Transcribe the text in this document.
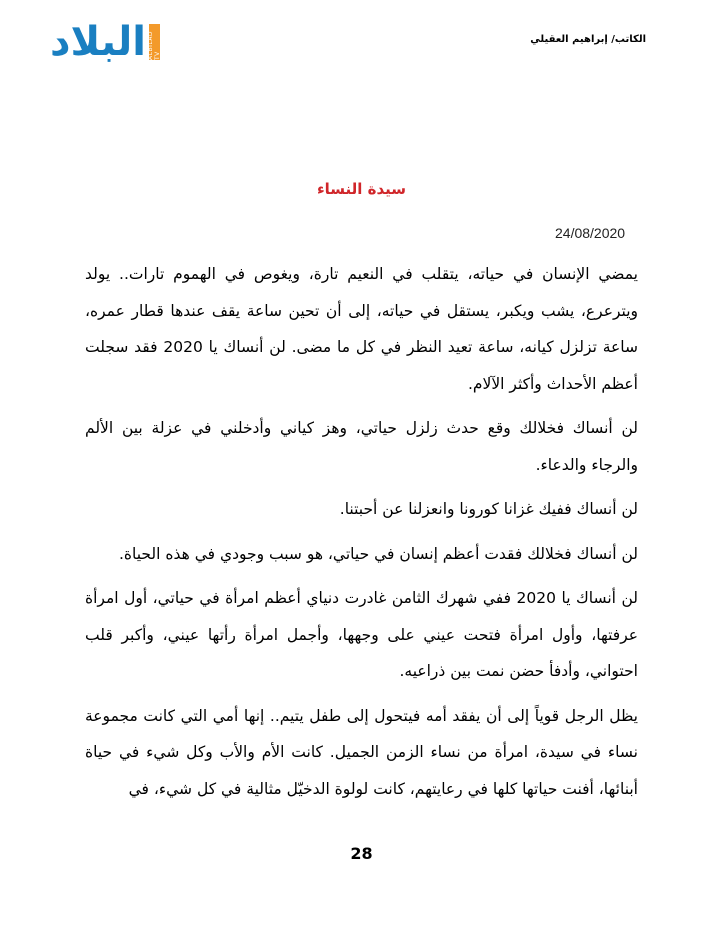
البلاد ALBILAD TV
الكاتب/ إبراهيم العقيلي
سيدة النساء
24/08/2020

يمضي الإنسان في حياته، يتقلب في النعيم تارة، ويغوص في الهموم تارات.. يولد ويترعرع، يشب ويكبر، يستقل في حياته، إلى أن تحين ساعة يقف عندها قطار عمره، ساعة تزلزل كيانه، ساعة تعيد النظر في كل ما مضى. لن أنساك يا 2020 فقد سجلت أعظم الأحداث وأكثر الآلام.

لن أنساك فخلالك وقع حدث زلزل حياتي، وهز كياني وأدخلني في عزلة بين الألم والرجاء والدعاء.

لن أنساك ففيك غزانا كورونا وانعزلنا عن أحبتنا.

لن أنساك فخلالك فقدت أعظم إنسان في حياتي، هو سبب وجودي في هذه الحياة.

لن أنساك يا 2020 ففي شهرك الثامن غادرت دنياي أعظم امرأة في حياتي، أول امرأة عرفتها، وأول امرأة فتحت عيني على وجهها، وأجمل امرأة رأتها عيني، وأكبر قلب احتواني، وأدفأ حضن نمت بين ذراعيه.

يظل الرجل قوياً إلى أن يفقد أمه فيتحول إلى طفل يتيم.. إنها أمي التي كانت مجموعة نساء في سيدة، امرأة من نساء الزمن الجميل. كانت الأم والأب وكل شيء في حياة أبنائها، أفنت حياتها كلها في رعايتهم، كانت لولوة الدخيّل مثالية في كل شيء، في

28
